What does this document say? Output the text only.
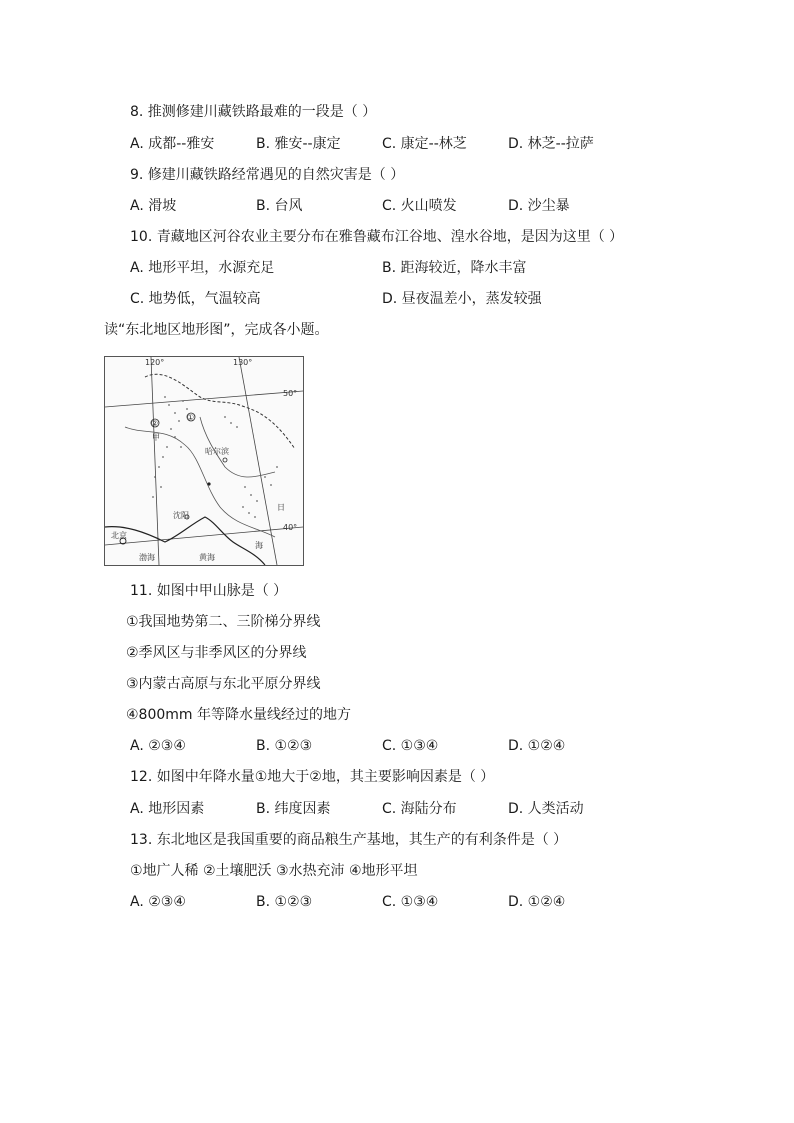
8. 推测修建川藏铁路最难的一段是（ ）
A. 成都--雅安	B. 雅安--康定	C. 康定--林芝	D. 林芝--拉萨
9. 修建川藏铁路经常遇见的自然灾害是（ ）
A. 滑坡	B. 台风	C. 火山喷发	D. 沙尘暴
10. 青藏地区河谷农业主要分布在雅鲁藏布江谷地、湟水谷地，是因为这里（ ）
A. 地形平坦，水源充足	B. 距海较近，降水丰富
C. 地势低，气温较高	D. 昼夜温差小，蒸发较强
读“东北地区地形图”，完成各小题。
120°	130°
50°
40°
②
①
甲
哈尔滨
沈阳
北京
渤海	黄海
日
海
11. 如图中甲山脉是（ ）
①我国地势第二、三阶梯分界线
②季风区与非季风区的分界线
③内蒙古高原与东北平原分界线
④800mm 年等降水量线经过的地方
A. ②③④	B. ①②③	C. ①③④	D. ①②④
12. 如图中年降水量①地大于②地，其主要影响因素是（ ）
A. 地形因素	B. 纬度因素	C. 海陆分布	D. 人类活动
13. 东北地区是我国重要的商品粮生产基地，其生产的有利条件是（ ）
①地广人稀 ②土壤肥沃 ③水热充沛 ④地形平坦
A. ②③④	B. ①②③	C. ①③④	D. ①②④
